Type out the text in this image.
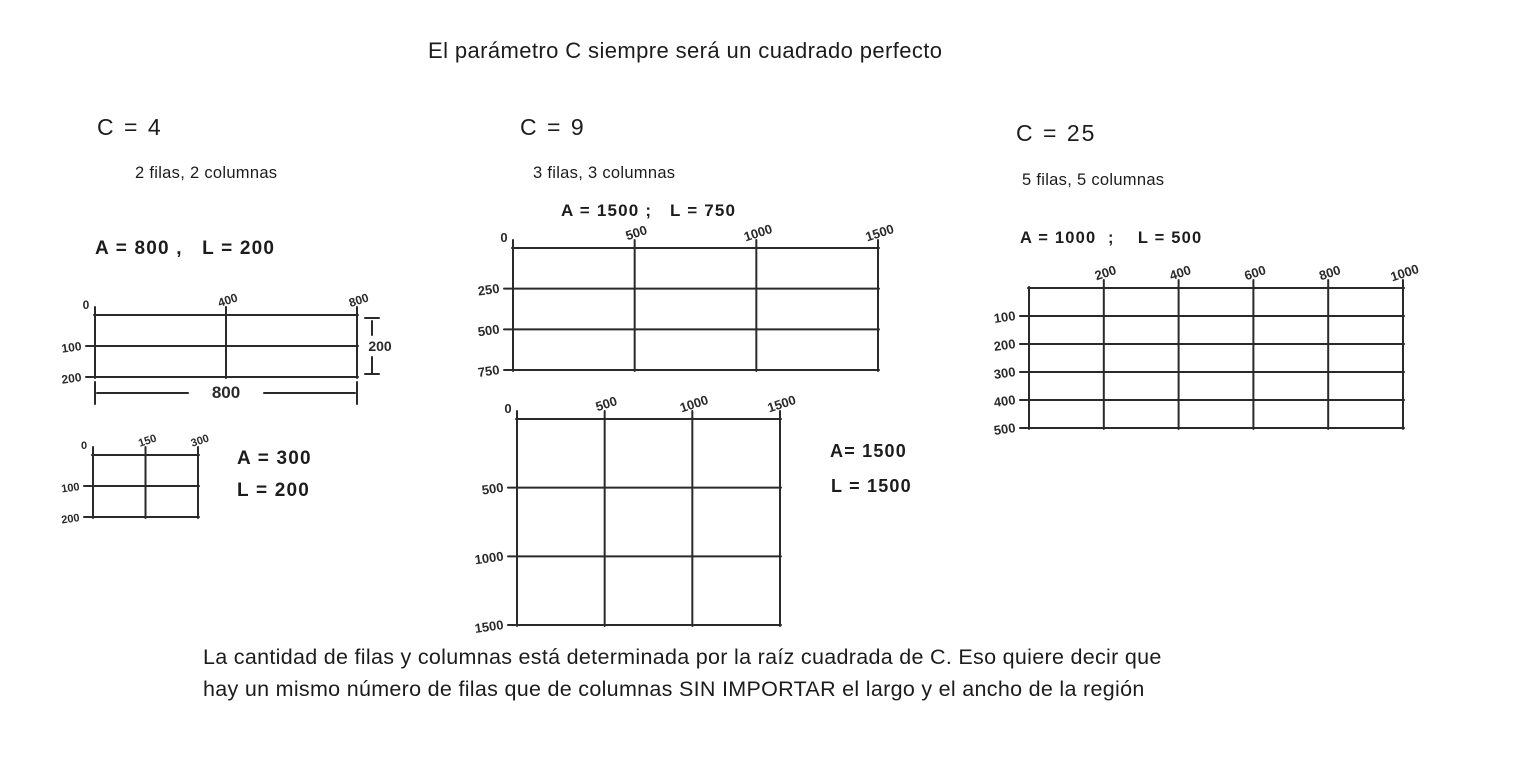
El parámetro C siempre será un cuadrado perfecto
C = 4
2 filas, 2 columnas
A = 800 ,   L = 200
0	400	800
100
200
200
800
0	150	300
100
200
A = 300
L = 200
C = 9
3 filas, 3 columnas
A = 1500 ;   L = 750
0	500	1000	1500
250
500
750
0	500	1000	1500
500
1000
1500
A= 1500
L = 1500
C = 25
5 filas, 5 columnas
A = 1000  ;    L = 500
200	400	600	800	1000
100
200
300
400
500
La cantidad de filas y columnas está determinada por la raíz cuadrada de C. Eso quiere decir que
hay un mismo número de filas que de columnas SIN IMPORTAR el largo y el ancho de la región
